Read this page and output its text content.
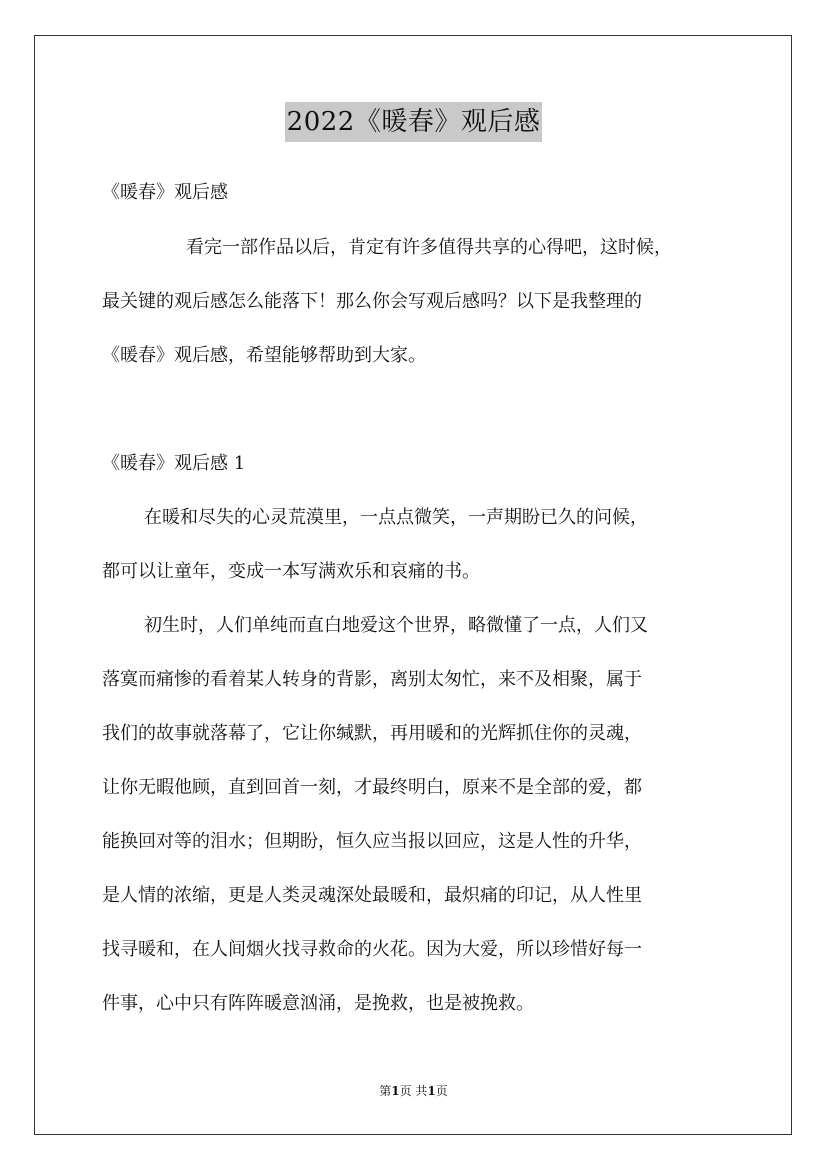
2022《暖春》观后感

《暖春》观后感

看完一部作品以后，肯定有许多值得共享的心得吧，这时候，

最关键的观后感怎么能落下！那么你会写观后感吗？以下是我整理的

《暖春》观后感，希望能够帮助到大家。

《暖春》观后感 1

在暖和尽失的心灵荒漠里，一点点微笑，一声期盼已久的问候，

都可以让童年，变成一本写满欢乐和哀痛的书。

初生时，人们单纯而直白地爱这个世界，略微懂了一点，人们又

落寞而痛惨的看着某人转身的背影，离别太匆忙，来不及相聚，属于

我们的故事就落幕了，它让你缄默，再用暖和的光辉抓住你的灵魂，

让你无暇他顾，直到回首一刻，才最终明白，原来不是全部的爱，都

能换回对等的泪水；但期盼，恒久应当报以回应，这是人性的升华，

是人情的浓缩，更是人类灵魂深处最暖和，最炽痛的印记，从人性里

找寻暖和，在人间烟火找寻救命的火花。因为大爱，所以珍惜好每一

件事，心中只有阵阵暖意汹涌，是挽救，也是被挽救。

第1页 共1页
